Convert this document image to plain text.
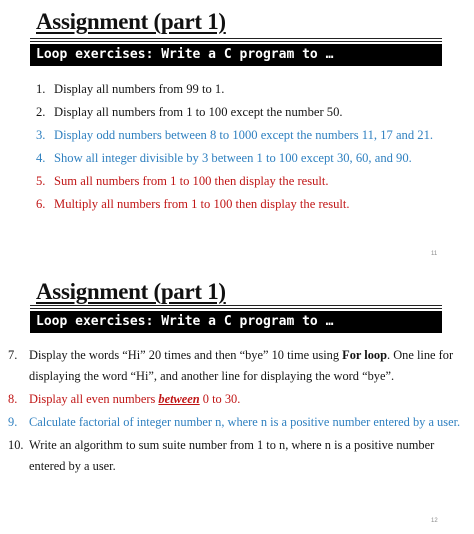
Assignment (part 1)
Loop exercises: Write a C program to …
1. Display all numbers from 99 to 1.
2. Display all numbers from 1 to 100 except the number 50.
3. Display odd numbers between 8 to 1000 except the numbers 11, 17 and 21.
4. Show all integer divisible by 3 between 1 to 100 except 30, 60, and 90.
5. Sum all numbers from 1 to 100 then display the result.
6. Multiply all numbers from 1 to 100 then display the result.
11
Assignment (part 1)
Loop exercises: Write a C program to …
7. Display the words “Hi” 20 times and then “bye” 10 time using For loop. One line for displaying the word “Hi”, and another line for displaying the word “bye”.
8. Display all even numbers between 0 to 30.
9. Calculate factorial of integer number n, where n is a positive number entered by a user.
10. Write an algorithm to sum suite number from 1 to n, where n is a positive number entered by a user.
12
